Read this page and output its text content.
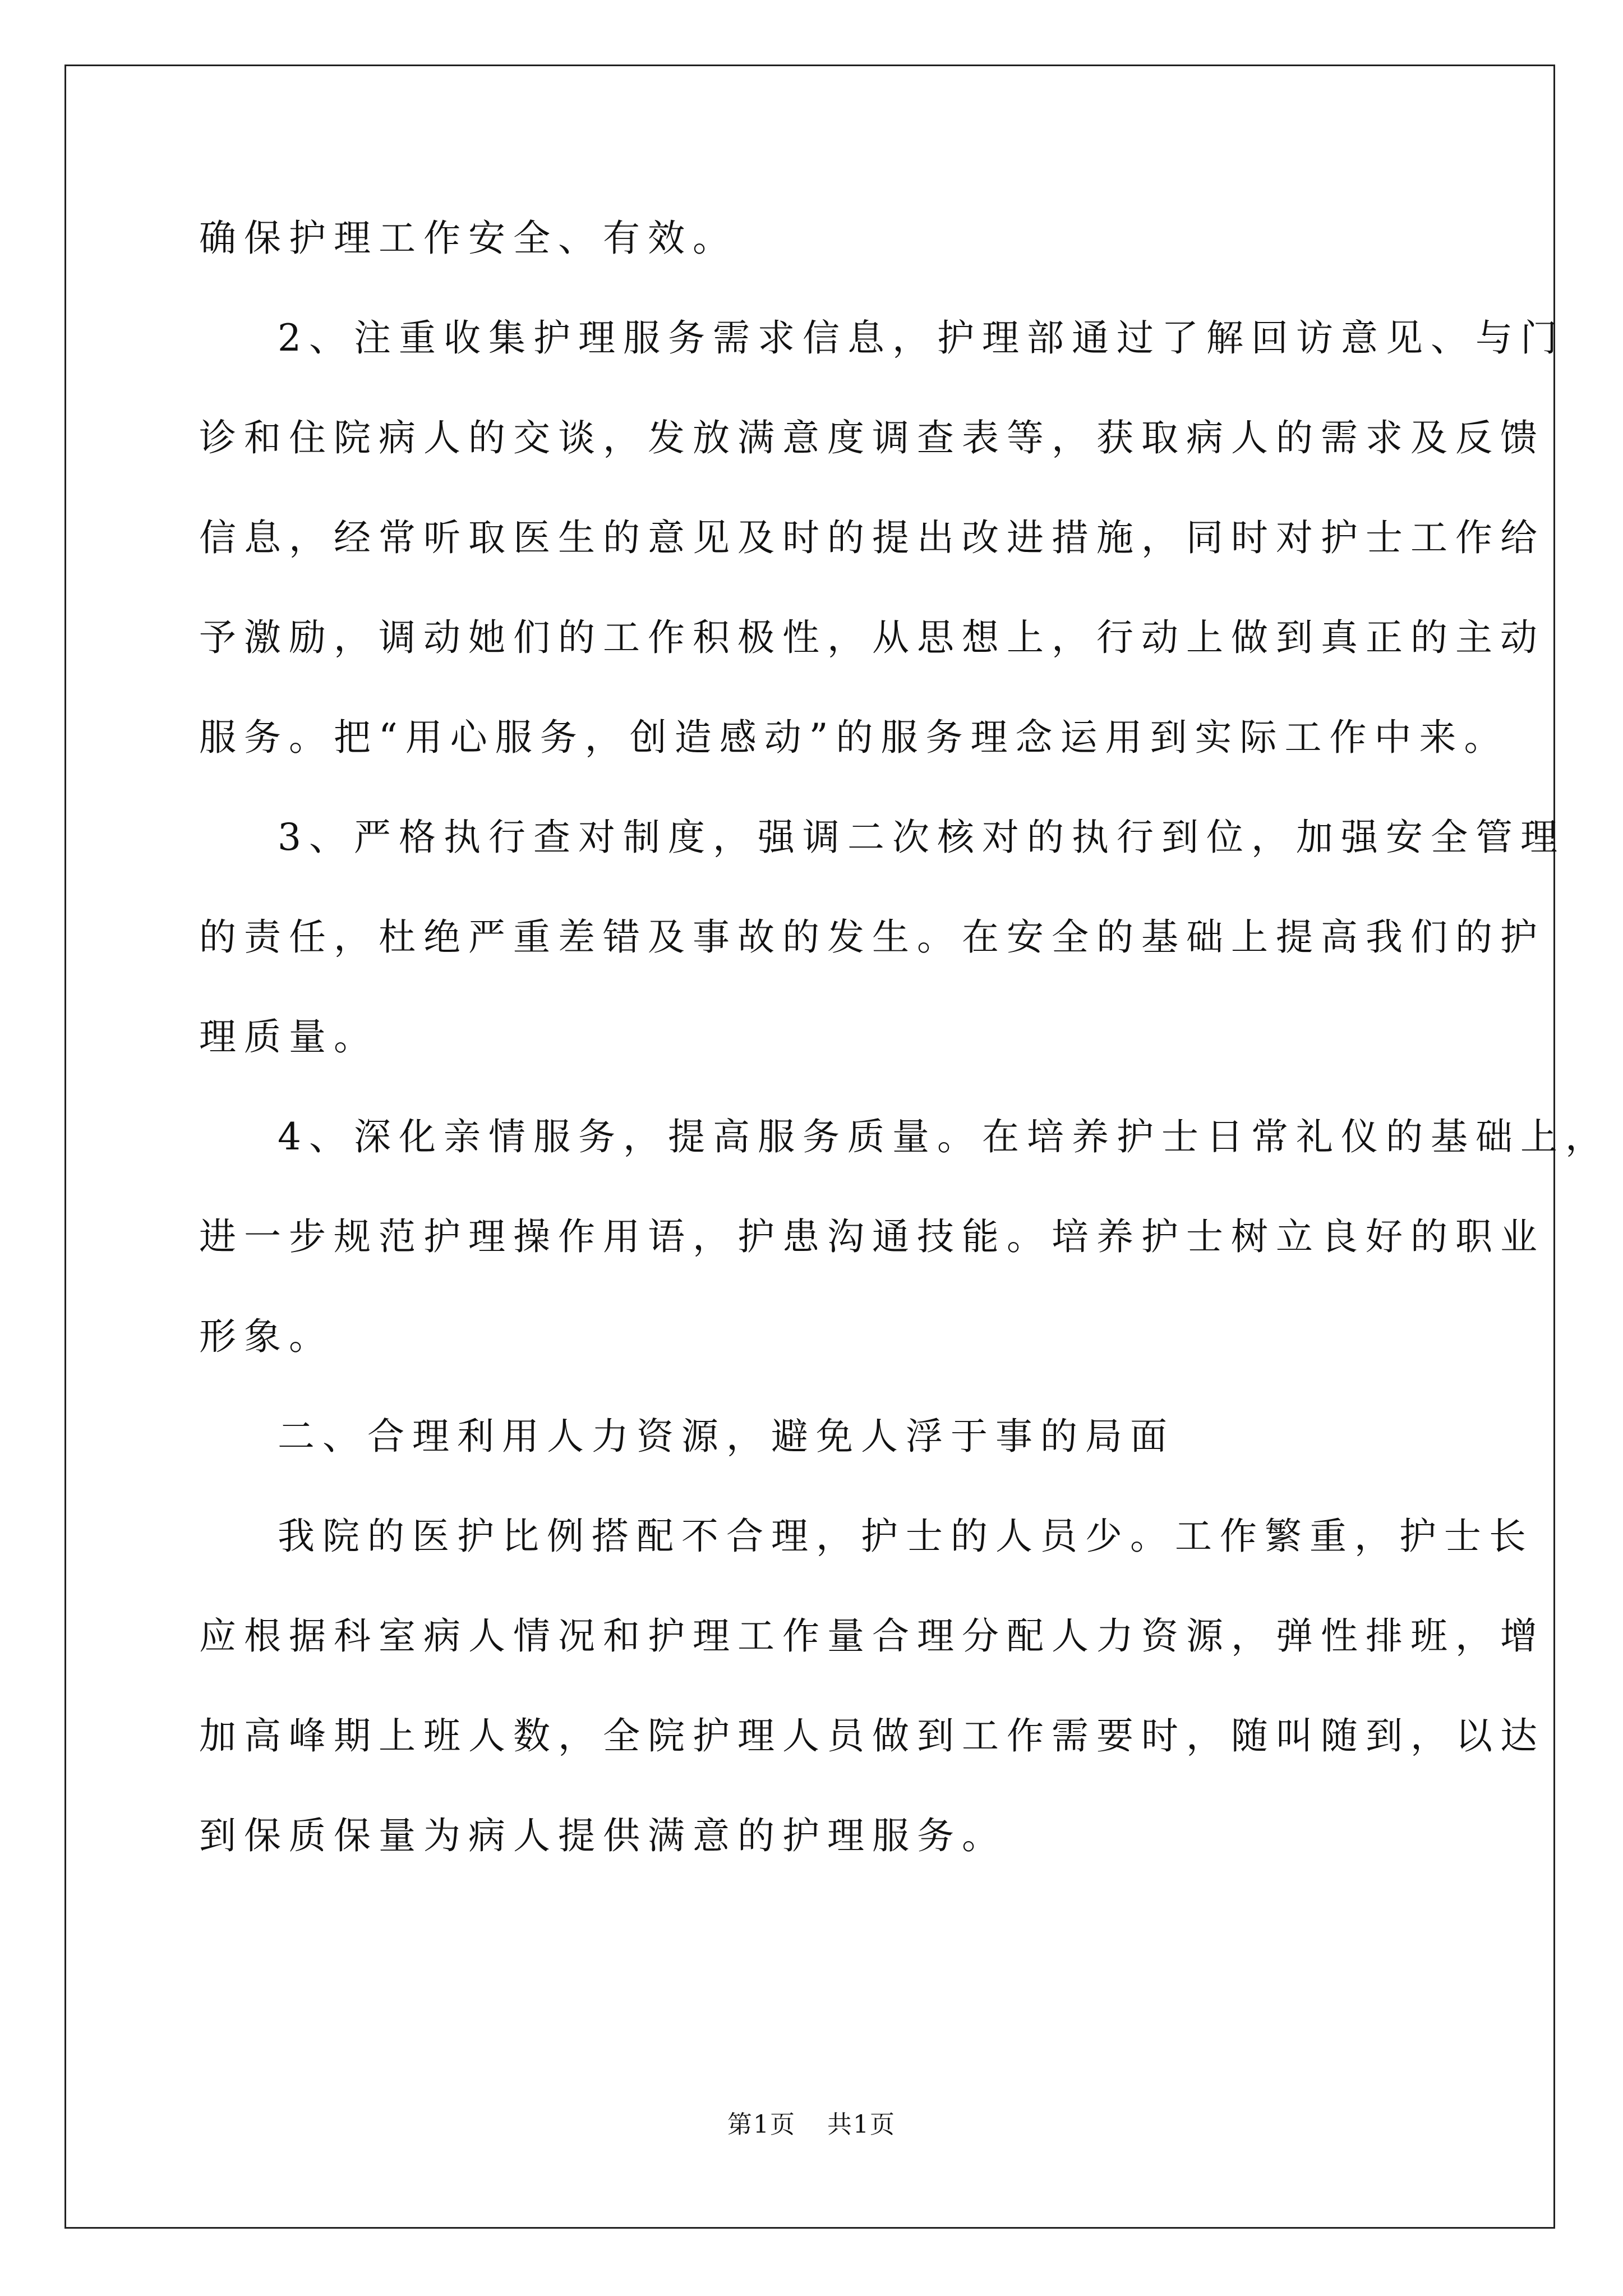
确保护理工作安全、有效。
2、注重收集护理服务需求信息，护理部通过了解回访意见、与门
诊和住院病人的交谈，发放满意度调查表等，获取病人的需求及反馈
信息，经常听取医生的意见及时的提出改进措施，同时对护士工作给
予激励，调动她们的工作积极性，从思想上，行动上做到真正的主动
服务。把“用心服务，创造感动”的服务理念运用到实际工作中来。
3、严格执行查对制度，强调二次核对的执行到位，加强安全管理
的责任，杜绝严重差错及事故的发生。在安全的基础上提高我们的护
理质量。
4、深化亲情服务，提高服务质量。在培养护士日常礼仪的基础上，
进一步规范护理操作用语，护患沟通技能。培养护士树立良好的职业
形象。
二、合理利用人力资源，避免人浮于事的局面
我院的医护比例搭配不合理，护士的人员少。工作繁重，护士长
应根据科室病人情况和护理工作量合理分配人力资源，弹性排班，增
加高峰期上班人数，全院护理人员做到工作需要时，随叫随到，以达
到保质保量为病人提供满意的护理服务。
第1页 共1页
